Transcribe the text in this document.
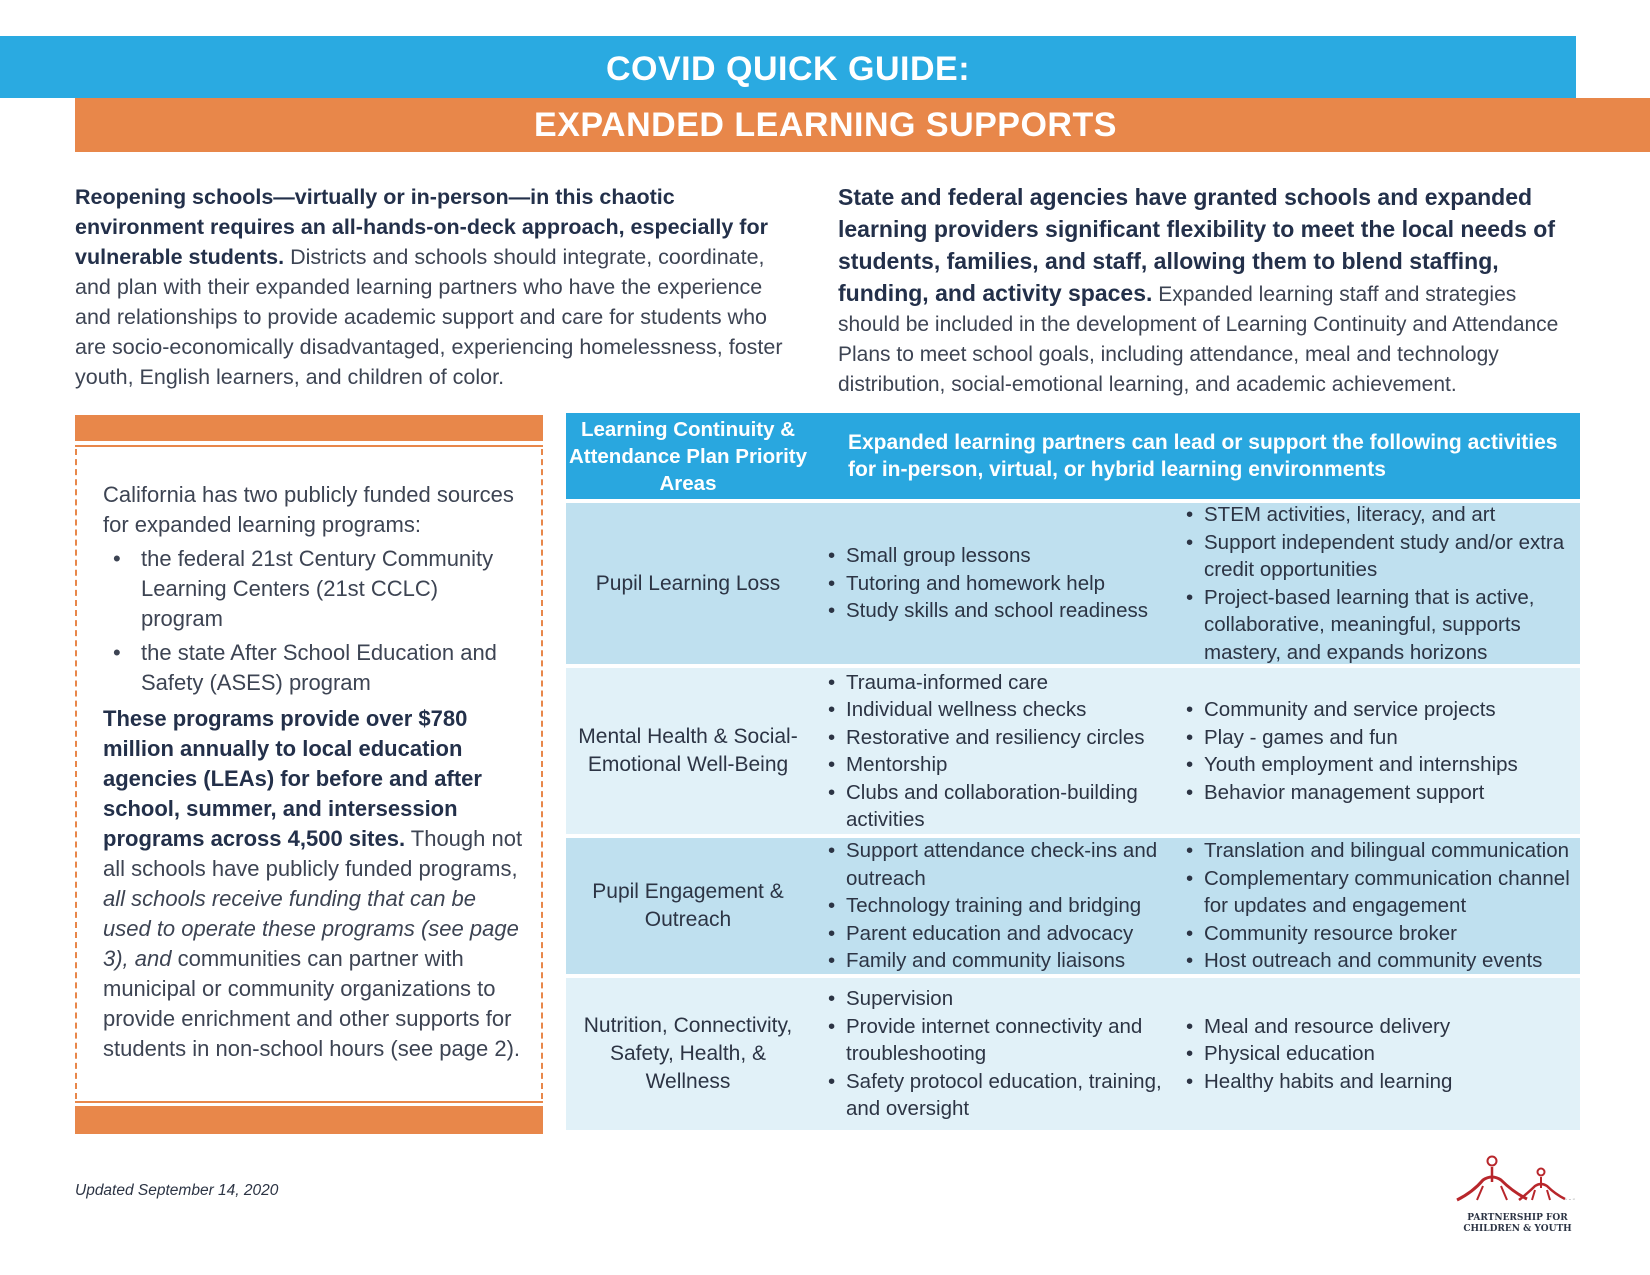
COVID QUICK GUIDE:
EXPANDED LEARNING SUPPORTS
Reopening schools—virtually or in-person—in this chaotic environment requires an all-hands-on-deck approach, especially for vulnerable students. Districts and schools should integrate, coordinate, and plan with their expanded learning partners who have the experience and relationships to provide academic support and care for students who are socio-economically disadvantaged, experiencing homelessness, foster youth, English learners, and children of color.
State and federal agencies have granted schools and expanded learning providers significant flexibility to meet the local needs of students, families, and staff, allowing them to blend staffing, funding, and activity spaces. Expanded learning staff and strategies should be included in the development of Learning Continuity and Attendance Plans to meet school goals, including attendance, meal and technology distribution, social-emotional learning, and academic achievement.
California has two publicly funded sources for expanded learning programs:
• the federal 21st Century Community Learning Centers (21st CCLC) program
• the state After School Education and Safety (ASES) program
These programs provide over $780 million annually to local education agencies (LEAs) for before and after school, summer, and intersession programs across 4,500 sites. Though not all schools have publicly funded programs, all schools receive funding that can be used to operate these programs (see page 3), and communities can partner with municipal or community organizations to provide enrichment and other supports for students in non-school hours (see page 2).
Learning Continuity & Attendance Plan Priority Areas
Expanded learning partners can lead or support the following activities for in-person, virtual, or hybrid learning environments
Pupil Learning Loss
• Small group lessons
• Tutoring and homework help
• Study skills and school readiness
• STEM activities, literacy, and art
• Support independent study and/or extra credit opportunities
• Project-based learning that is active, collaborative, meaningful, supports mastery, and expands horizons
Mental Health & Social-Emotional Well-Being
• Trauma-informed care
• Individual wellness checks
• Restorative and resiliency circles
• Mentorship
• Clubs and collaboration-building activities
• Community and service projects
• Play - games and fun
• Youth employment and internships
• Behavior management support
Pupil Engagement & Outreach
• Support attendance check-ins and outreach
• Technology training and bridging
• Parent education and advocacy
• Family and community liaisons
• Translation and bilingual communication
• Complementary communication channel for updates and engagement
• Community resource broker
• Host outreach and community events
Nutrition, Connectivity, Safety, Health, & Wellness
• Supervision
• Provide internet connectivity and troubleshooting
• Safety protocol education, training, and oversight
• Meal and resource delivery
• Physical education
• Healthy habits and learning
Updated September 14, 2020
PARTNERSHIP FOR
CHILDREN & YOUTH
